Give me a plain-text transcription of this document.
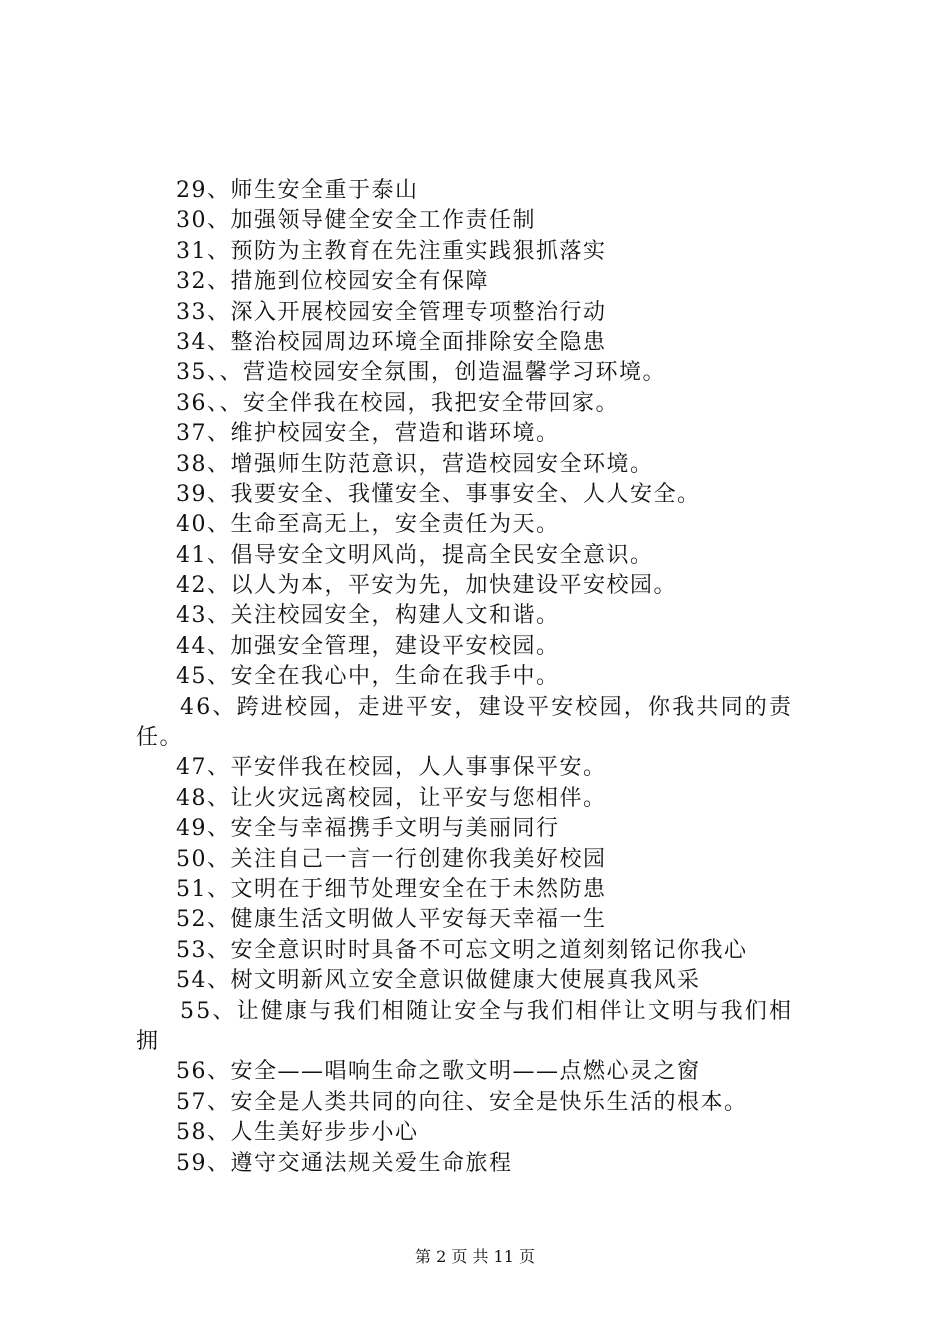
29、师生安全重于泰山
30、加强领导健全安全工作责任制
31、预防为主教育在先注重实践狠抓落实
32、措施到位校园安全有保障
33、深入开展校园安全管理专项整治行动
34、整治校园周边环境全面排除安全隐患
35、、营造校园安全氛围，创造温馨学习环境。
36、、安全伴我在校园，我把安全带回家。
37、维护校园安全，营造和谐环境。
38、增强师生防范意识，营造校园安全环境。
39、我要安全、我懂安全、事事安全、人人安全。
40、生命至高无上，安全责任为天。
41、倡导安全文明风尚，提高全民安全意识。
42、以人为本，平安为先，加快建设平安校园。
43、关注校园安全，构建人文和谐。
44、加强安全管理，建设平安校园。
45、安全在我心中，生命在我手中。
46、跨进校园，走进平安，建设平安校园，你我共同的责
任。
47、平安伴我在校园，人人事事保平安。
48、让火灾远离校园，让平安与您相伴。
49、安全与幸福携手文明与美丽同行
50、关注自己一言一行创建你我美好校园
51、文明在于细节处理安全在于未然防患
52、健康生活文明做人平安每天幸福一生
53、安全意识时时具备不可忘文明之道刻刻铭记你我心
54、树文明新风立安全意识做健康大使展真我风采
55、让健康与我们相随让安全与我们相伴让文明与我们相
拥
56、安全——唱响生命之歌文明——点燃心灵之窗
57、安全是人类共同的向往、安全是快乐生活的根本。
58、人生美好步步小心
59、遵守交通法规关爱生命旅程
第 2 页 共 11 页
